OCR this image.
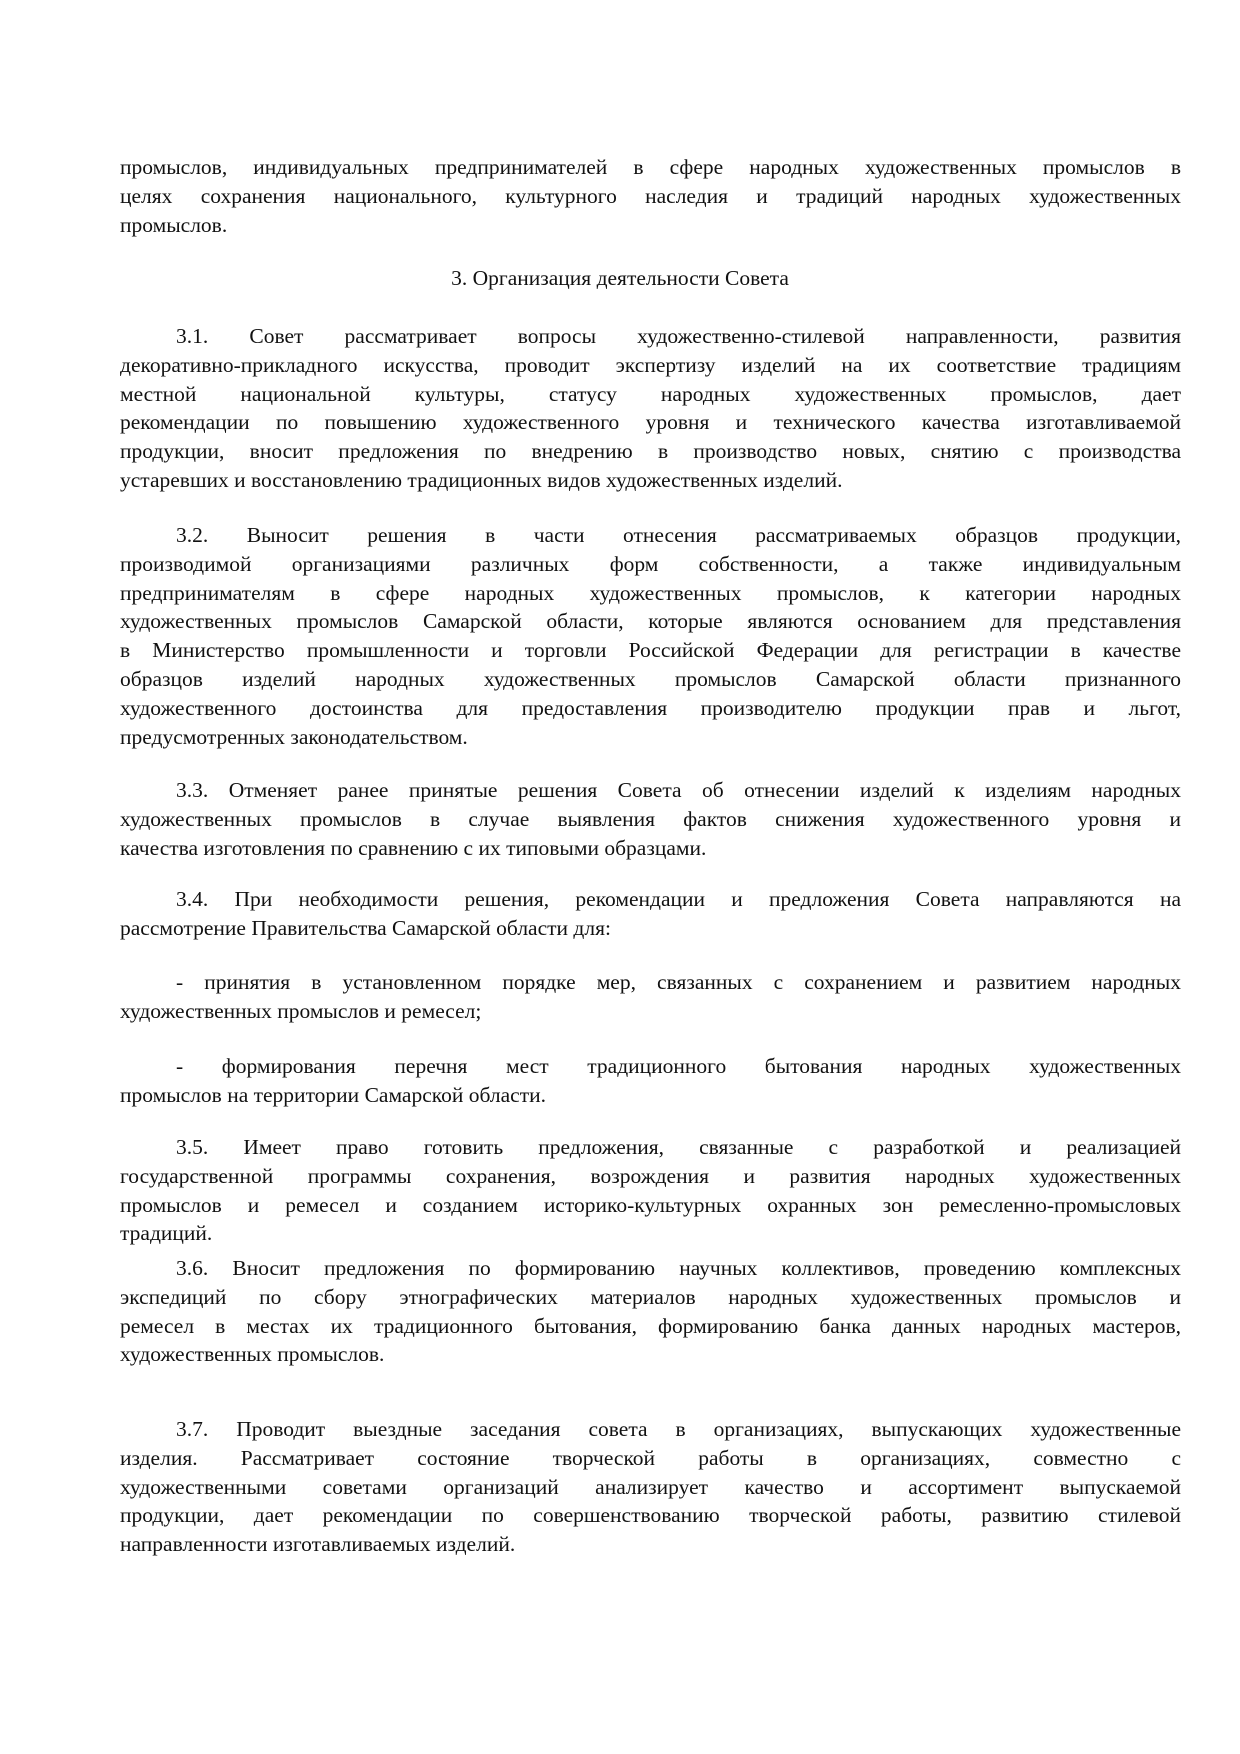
промыслов, индивидуальных предпринимателей в сфере народных художественных промыслов в
целях сохранения национального, культурного наследия и традиций народных художественных
промыслов.
3. Организация деятельности Совета
3.1. Совет рассматривает вопросы художественно-стилевой направленности, развития
декоративно-прикладного искусства, проводит экспертизу изделий на их соответствие традициям
местной национальной культуры, статусу народных художественных промыслов, дает
рекомендации по повышению художественного уровня и технического качества изготавливаемой
продукции, вносит предложения по внедрению в производство новых, снятию с производства
устаревших и восстановлению традиционных видов художественных изделий.
3.2. Выносит решения в части отнесения рассматриваемых образцов продукции,
производимой организациями различных форм собственности, а также индивидуальным
предпринимателям в сфере народных художественных промыслов, к категории народных
художественных промыслов Самарской области, которые являются основанием для представления
в Министерство промышленности и торговли Российской Федерации для регистрации в качестве
образцов изделий народных художественных промыслов Самарской области признанного
художественного достоинства для предоставления производителю продукции прав и льгот,
предусмотренных законодательством.
3.3. Отменяет ранее принятые решения Совета об отнесении изделий к изделиям народных
художественных промыслов в случае выявления фактов снижения художественного уровня и
качества изготовления по сравнению с их типовыми образцами.
3.4. При необходимости решения, рекомендации и предложения Совета направляются на
рассмотрение Правительства Самарской области для:
- принятия в установленном порядке мер, связанных с сохранением и развитием народных
художественных промыслов и ремесел;
- формирования перечня мест традиционного бытования народных художественных
промыслов на территории Самарской области.
3.5. Имеет право готовить предложения, связанные с разработкой и реализацией
государственной программы сохранения, возрождения и развития народных художественных
промыслов и ремесел и созданием историко-культурных охранных зон ремесленно-промысловых
традиций.
3.6. Вносит предложения по формированию научных коллективов, проведению комплексных
экспедиций по сбору этнографических материалов народных художественных промыслов и
ремесел в местах их традиционного бытования, формированию банка данных народных мастеров,
художественных промыслов.
3.7. Проводит выездные заседания совета в организациях, выпускающих художественные
изделия. Рассматривает состояние творческой работы в организациях, совместно с
художественными советами организаций анализирует качество и ассортимент выпускаемой
продукции, дает рекомендации по совершенствованию творческой работы, развитию стилевой
направленности изготавливаемых изделий.
